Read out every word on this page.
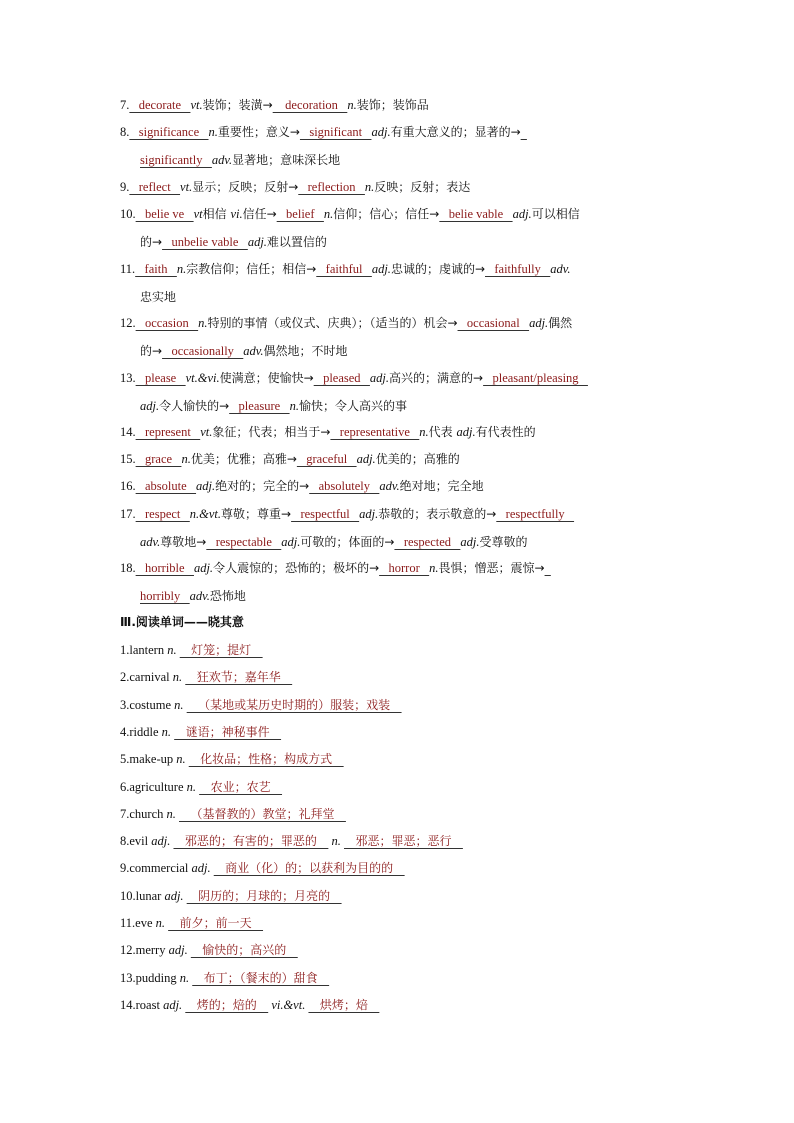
7.   decorate   vt.装饰；装潢→    decoration   n.装饰；装饰品
8.   significance   n.重要性；意义→   significant   adj.有重大意义的；显著的→
significantly   adv.显著地；意味深长地
9.   reflect   vt.显示；反映；反射→   reflection   n.反映；反射；表达
10.   belie ve   vt相信 vi.信任→   belief   n.信仰；信心；信任→   belie vable   adj.可以相信
的→   unbelie vable   adj.难以置信的
11.   faith   n.宗教信仰；信任；相信→   faithful   adj.忠诚的；虔诚的→   faithfully   adv.
忠实地
12.   occasion   n.特别的事情（或仪式、庆典）；（适当的）机会→   occasional   adj.偶然
的→   occasionally   adv.偶然地；不时地
13.   please   vt.&vi.使满意；使愉快→   pleased   adj.高兴的；满意的→   pleasant/pleasing
adj.令人愉快的→   pleasure   n.愉快；令人高兴的事
14.   represent   vt.象征；代表；相当于→   representative   n.代表 adj.有代表性的
15.   grace   n.优美；优雅；高雅→   graceful   adj.优美的；高雅的
16.   absolute   adj.绝对的；完全的→   absolutely   adv.绝对地；完全地
17.   respect   n.&vt.尊敬；尊重→   respectful   adj.恭敬的；表示敬意的→   respectfully
adv.尊敬地→   respectable   adj.可敬的；体面的→   respected   adj.受尊敬的
18.   horrible   adj.令人震惊的；恐怖的；极坏的→   horror   n.畏惧；憎恶；震惊→
horribly   adv.恐怖地
Ⅲ.阅读单词——晓其意
1.lantern n.    灯笼；提灯
2.carnival n.    狂欢节；嘉年华
3.costume n.    （某地或某历史时期的）服装；戏装
4.riddle n.    谜语；神秘事件
5.make-up n.    化妆品；性格；构成方式
6.agriculture n.    农业；农艺
7.church n.    （基督教的）教堂；礼拜堂
8.evil adj.    邪恶的；有害的；罪恶的    n.    邪恶；罪恶；恶行
9.commercial adj.    商业（化）的；以获利为目的的
10.lunar adj.    阴历的；月球的；月亮的
11.eve n.    前夕；前一天
12.merry adj.    愉快的；高兴的
13.pudding n.    布丁；（餐末的）甜食
14.roast adj.    烤的；焙的    vi.&vt.    烘烤；焙
